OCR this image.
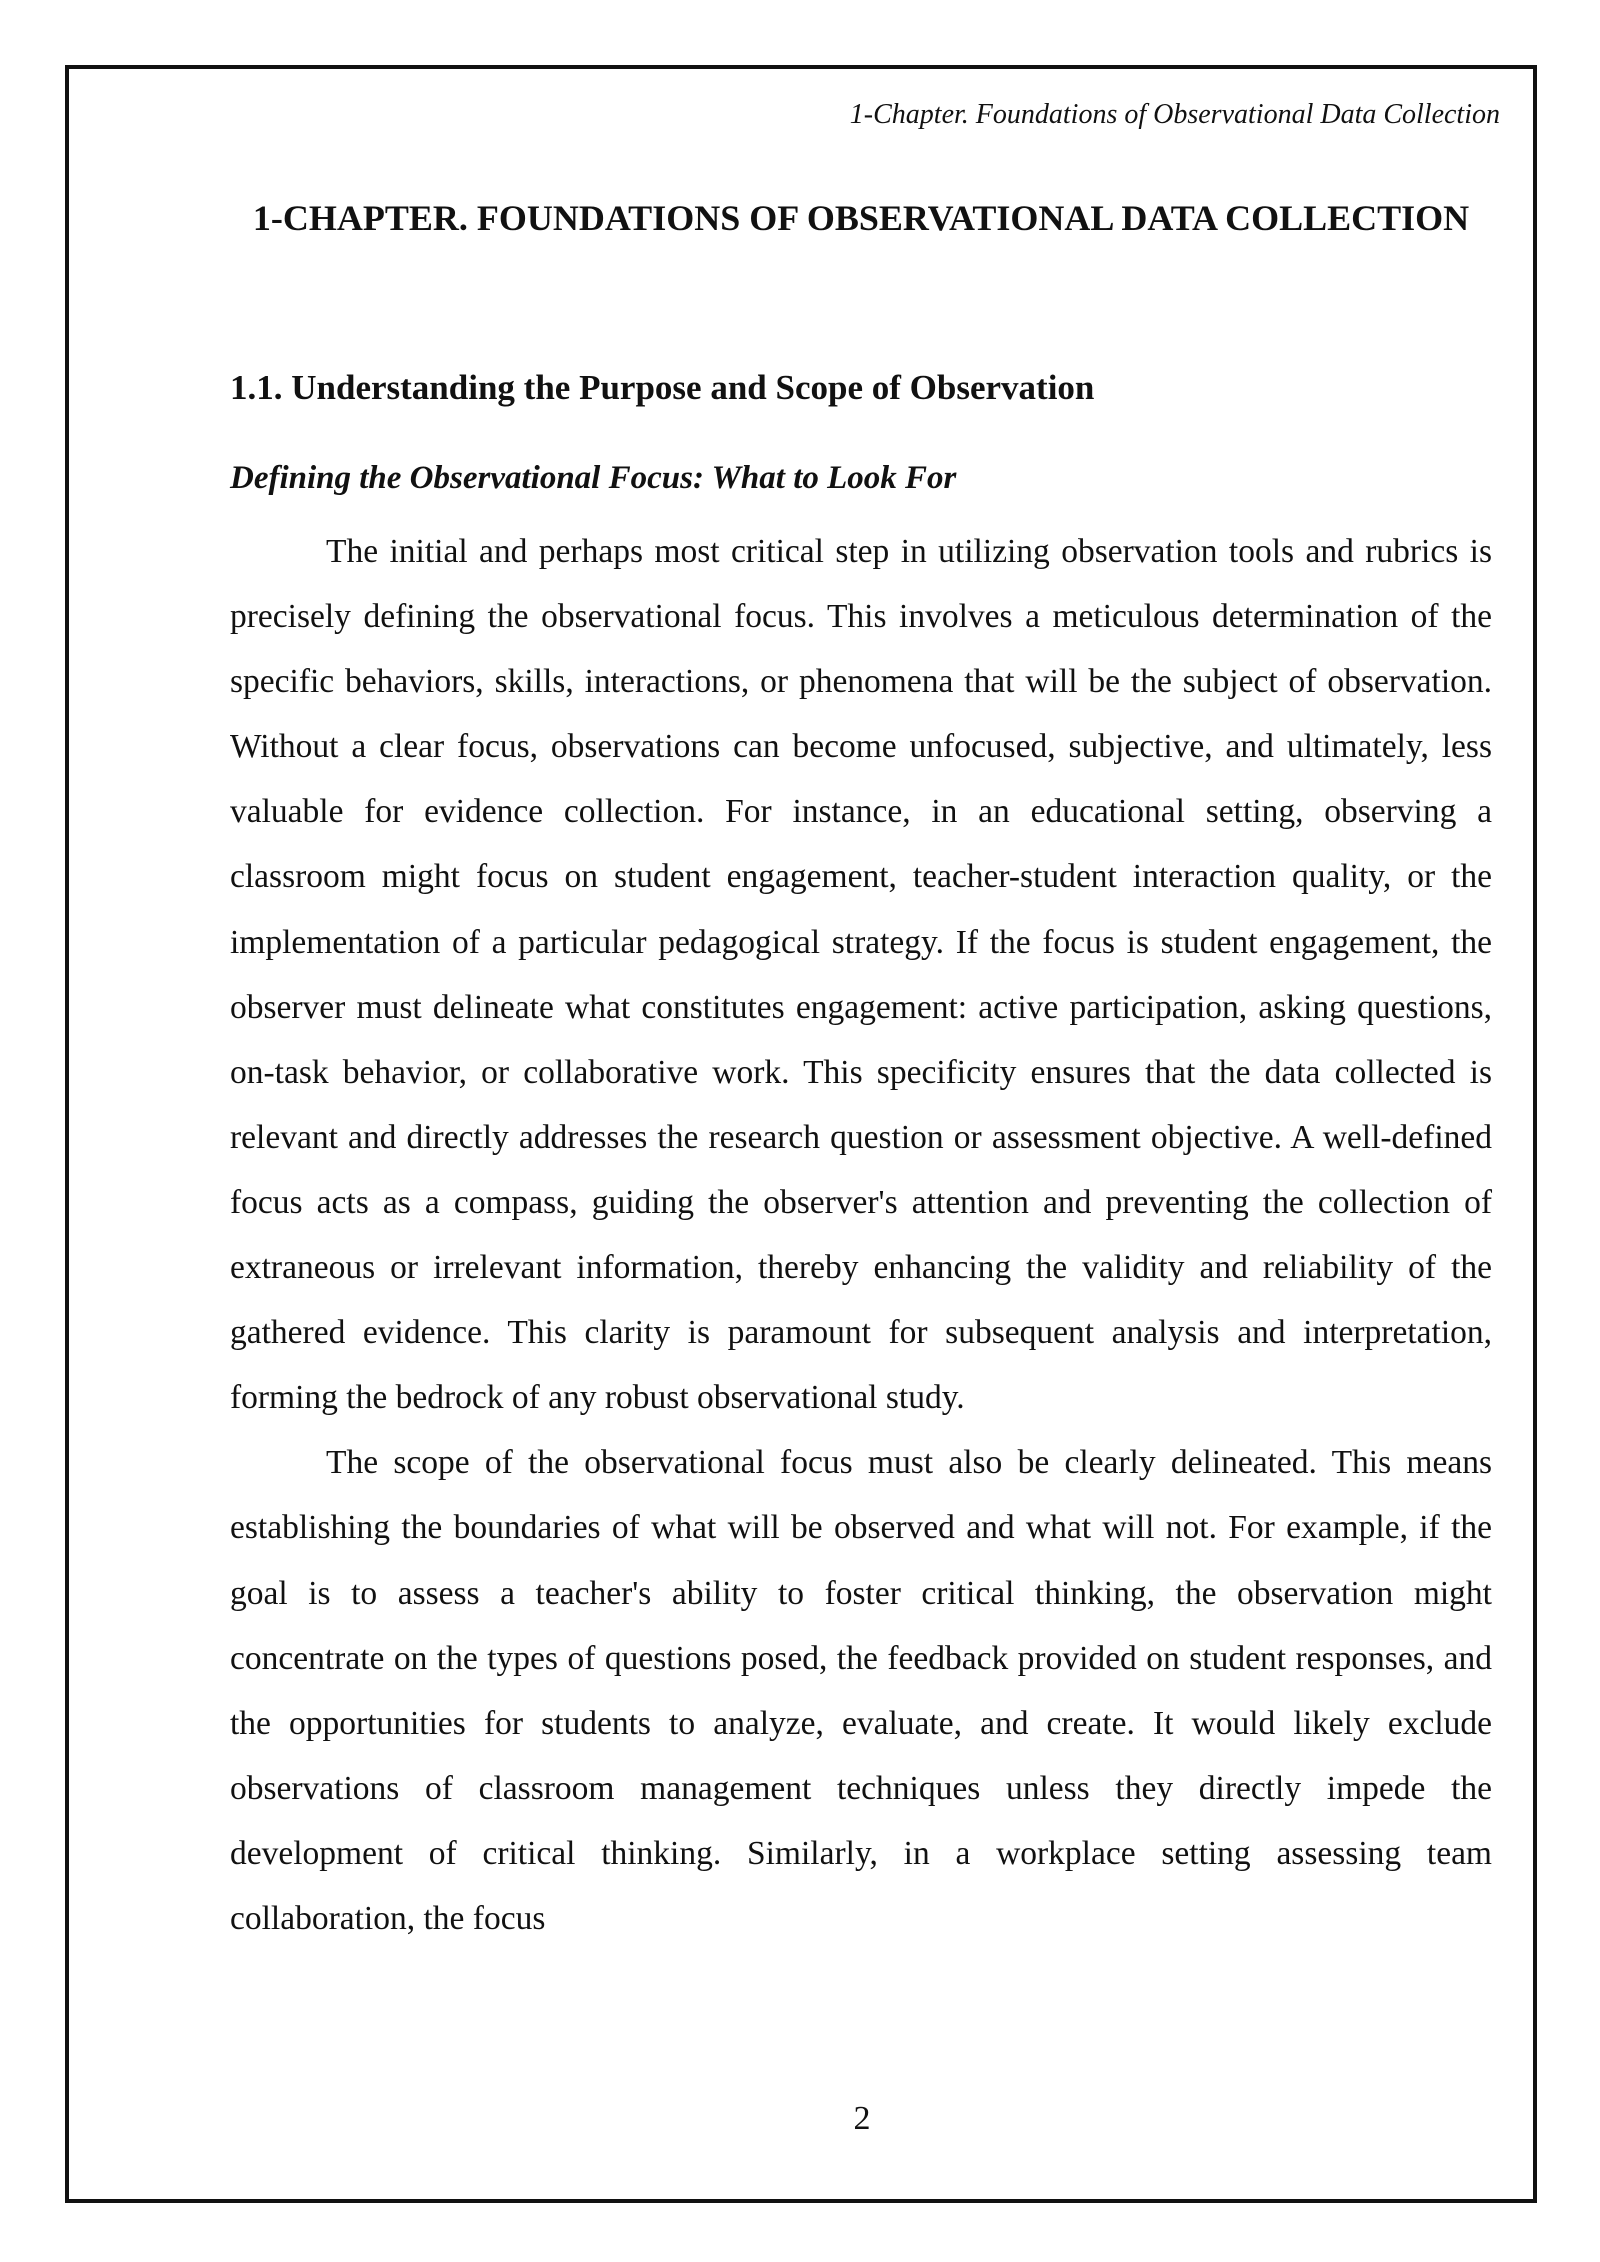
1-Chapter. Foundations of Observational Data Collection
1-CHAPTER. FOUNDATIONS OF OBSERVATIONAL DATA COLLECTION
1.1. Understanding the Purpose and Scope of Observation
Defining the Observational Focus: What to Look For

The initial and perhaps most critical step in utilizing observation tools and rubrics is precisely defining the observational focus. This involves a meticulous determination of the specific behaviors, skills, interactions, or phenomena that will be the subject of observation. Without a clear focus, observations can become unfocused, subjective, and ultimately, less valuable for evidence collection. For instance, in an educational setting, observing a classroom might focus on student engagement, teacher-student interaction quality, or the implementation of a particular pedagogical strategy. If the focus is student engagement, the observer must delineate what constitutes engagement: active participation, asking questions, on-task behavior, or collaborative work. This specificity ensures that the data collected is relevant and directly addresses the research question or assessment objective. A well-defined focus acts as a compass, guiding the observer's attention and preventing the collection of extraneous or irrelevant information, thereby enhancing the validity and reliability of the gathered evidence. This clarity is paramount for subsequent analysis and interpretation, forming the bedrock of any robust observational study.

The scope of the observational focus must also be clearly delineated. This means establishing the boundaries of what will be observed and what will not. For example, if the goal is to assess a teacher's ability to foster critical thinking, the observation might concentrate on the types of questions posed, the feedback provided on student responses, and the opportunities for students to analyze, evaluate, and create. It would likely exclude observations of classroom management techniques unless they directly impede the development of critical thinking. Similarly, in a workplace setting assessing team collaboration, the focus

2
